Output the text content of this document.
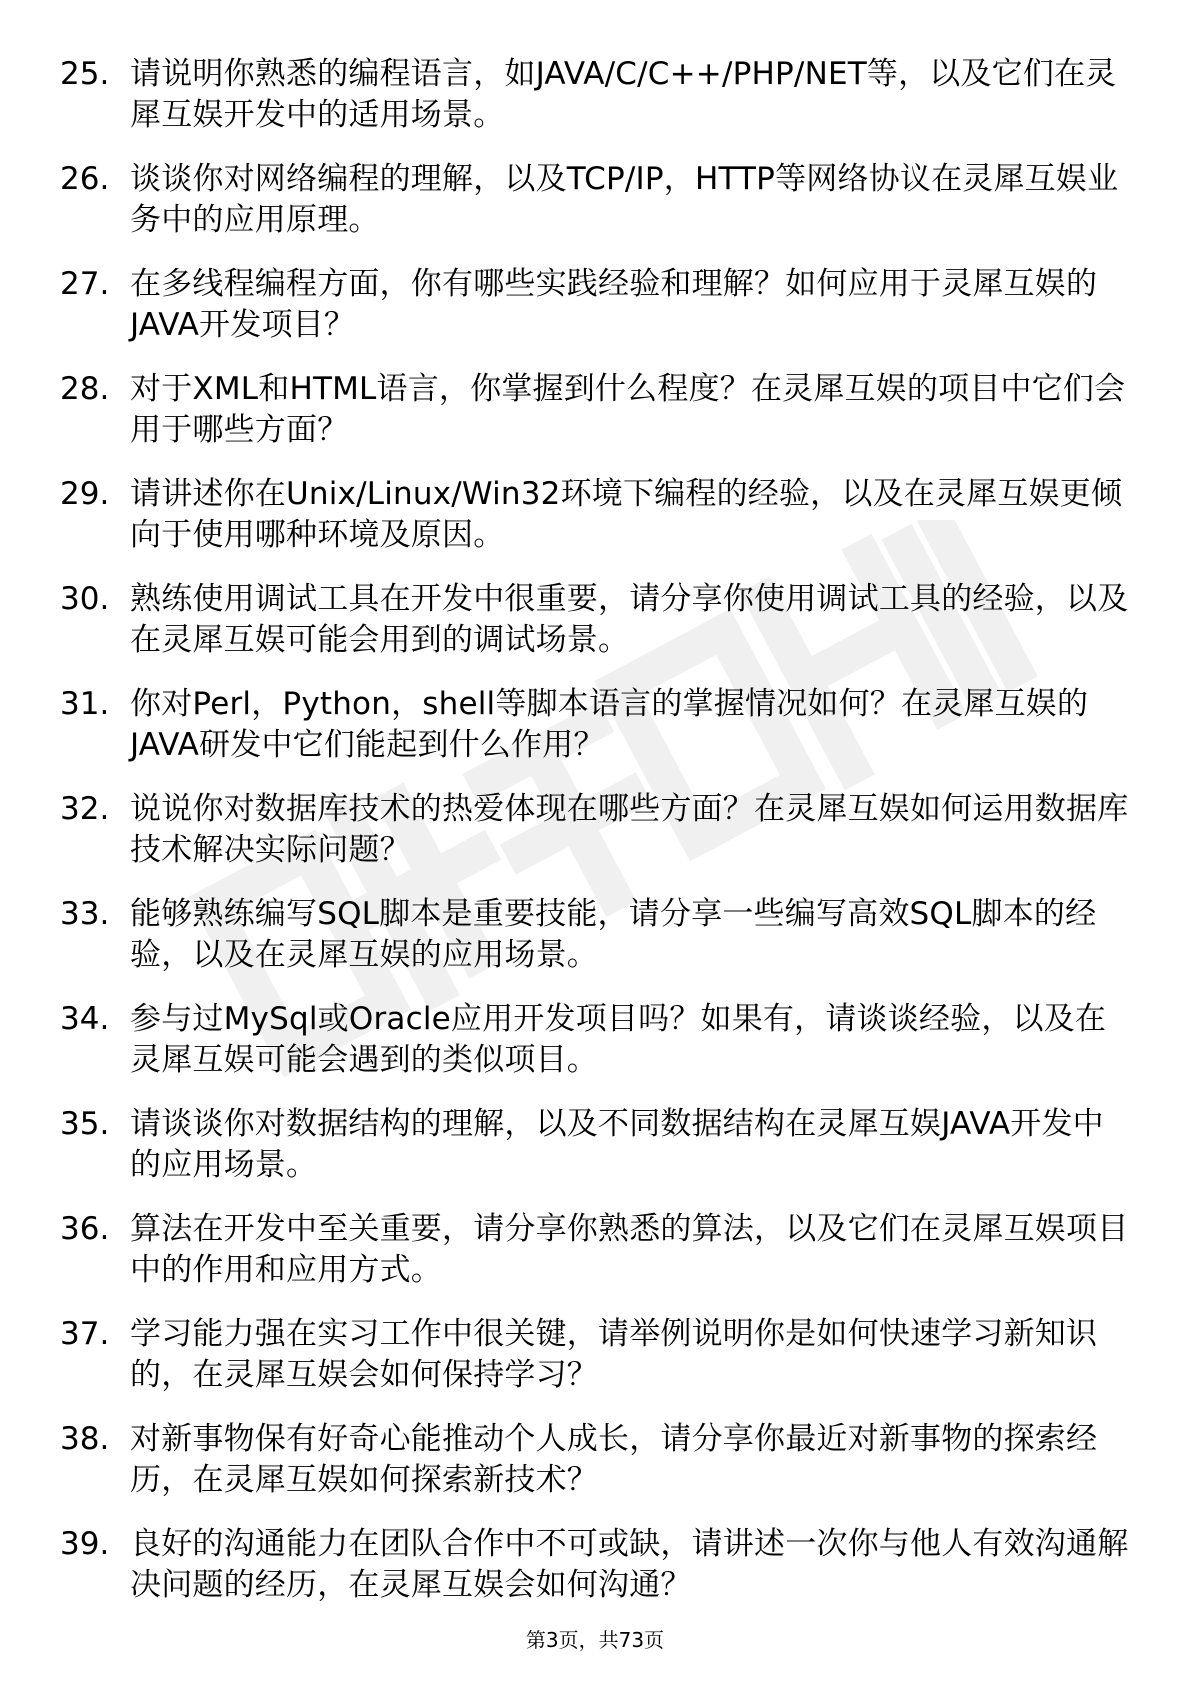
25. 请说明你熟悉的编程语言，如JAVA/C/C++/PHP/NET等，以及它们在灵犀互娱开发中的适用场景。
26. 谈谈你对网络编程的理解，以及TCP/IP，HTTP等网络协议在灵犀互娱业务中的应用原理。
27. 在多线程编程方面，你有哪些实践经验和理解？如何应用于灵犀互娱的JAVA开发项目？
28. 对于XML和HTML语言，你掌握到什么程度？在灵犀互娱的项目中它们会用于哪些方面？
29. 请讲述你在Unix/Linux/Win32环境下编程的经验，以及在灵犀互娱更倾向于使用哪种环境及原因。
30. 熟练使用调试工具在开发中很重要，请分享你使用调试工具的经验，以及在灵犀互娱可能会用到的调试场景。
31. 你对Perl，Python，shell等脚本语言的掌握情况如何？在灵犀互娱的JAVA研发中它们能起到什么作用？
32. 说说你对数据库技术的热爱体现在哪些方面？在灵犀互娱如何运用数据库技术解决实际问题？
33. 能够熟练编写SQL脚本是重要技能，请分享一些编写高效SQL脚本的经验，以及在灵犀互娱的应用场景。
34. 参与过MySql或Oracle应用开发项目吗？如果有，请谈谈经验，以及在灵犀互娱可能会遇到的类似项目。
35. 请谈谈你对数据结构的理解，以及不同数据结构在灵犀互娱JAVA开发中的应用场景。
36. 算法在开发中至关重要，请分享你熟悉的算法，以及它们在灵犀互娱项目中的作用和应用方式。
37. 学习能力强在实习工作中很关键，请举例说明你是如何快速学习新知识的，在灵犀互娱会如何保持学习？
38. 对新事物保有好奇心能推动个人成长，请分享你最近对新事物的探索经历，在灵犀互娱如何探索新技术？
39. 良好的沟通能力在团队合作中不可或缺，请讲述一次你与他人有效沟通解决问题的经历，在灵犀互娱会如何沟通？
第3页，共73页
